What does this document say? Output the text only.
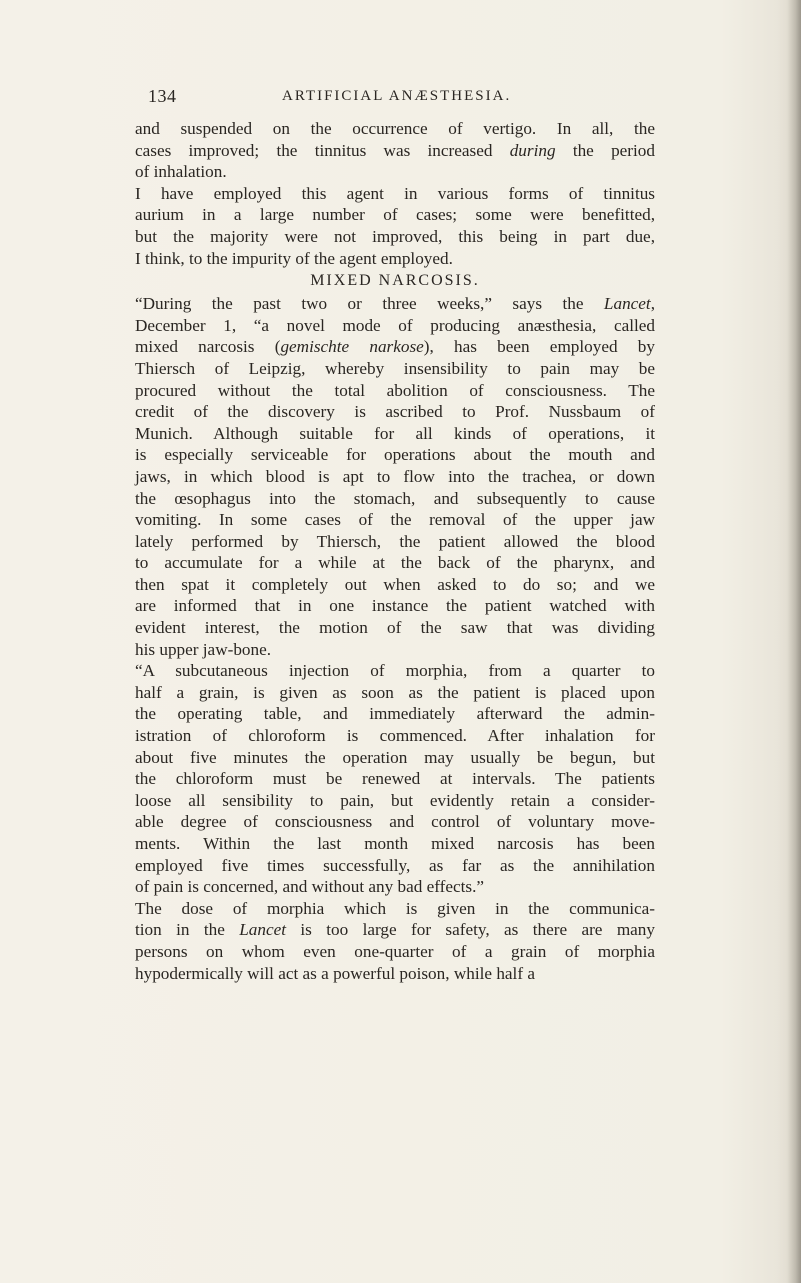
134	ARTIFICIAL ANÆSTHESIA.
and suspended on the occurrence of vertigo. In all, the
cases improved; the tinnitus was increased during the period
of inhalation.
I have employed this agent in various forms of tinnitus
aurium in a large number of cases; some were benefitted,
but the majority were not improved, this being in part due,
I think, to the impurity of the agent employed.
MIXED NARCOSIS.
“During the past two or three weeks,” says the Lancet,
December 1, “a novel mode of producing anæsthesia, called
mixed narcosis (gemischte narkose), has been employed by
Thiersch of Leipzig, whereby insensibility to pain may be
procured without the total abolition of consciousness. The
credit of the discovery is ascribed to Prof. Nussbaum of
Munich. Although suitable for all kinds of operations, it
is especially serviceable for operations about the mouth and
jaws, in which blood is apt to flow into the trachea, or down
the œsophagus into the stomach, and subsequently to cause
vomiting. In some cases of the removal of the upper jaw
lately performed by Thiersch, the patient allowed the blood
to accumulate for a while at the back of the pharynx, and
then spat it completely out when asked to do so; and we
are informed that in one instance the patient watched with
evident interest, the motion of the saw that was dividing
his upper jaw-bone.
“A subcutaneous injection of morphia, from a quarter to
half a grain, is given as soon as the patient is placed upon
the operating table, and immediately afterward the admin-
istration of chloroform is commenced. After inhalation for
about five minutes the operation may usually be begun, but
the chloroform must be renewed at intervals. The patients
loose all sensibility to pain, but evidently retain a consider-
able degree of consciousness and control of voluntary move-
ments. Within the last month mixed narcosis has been
employed five times successfully, as far as the annihilation
of pain is concerned, and without any bad effects.”
The dose of morphia which is given in the communica-
tion in the Lancet is too large for safety, as there are many
persons on whom even one-quarter of a grain of morphia
hypodermically will act as a powerful poison, while half a
